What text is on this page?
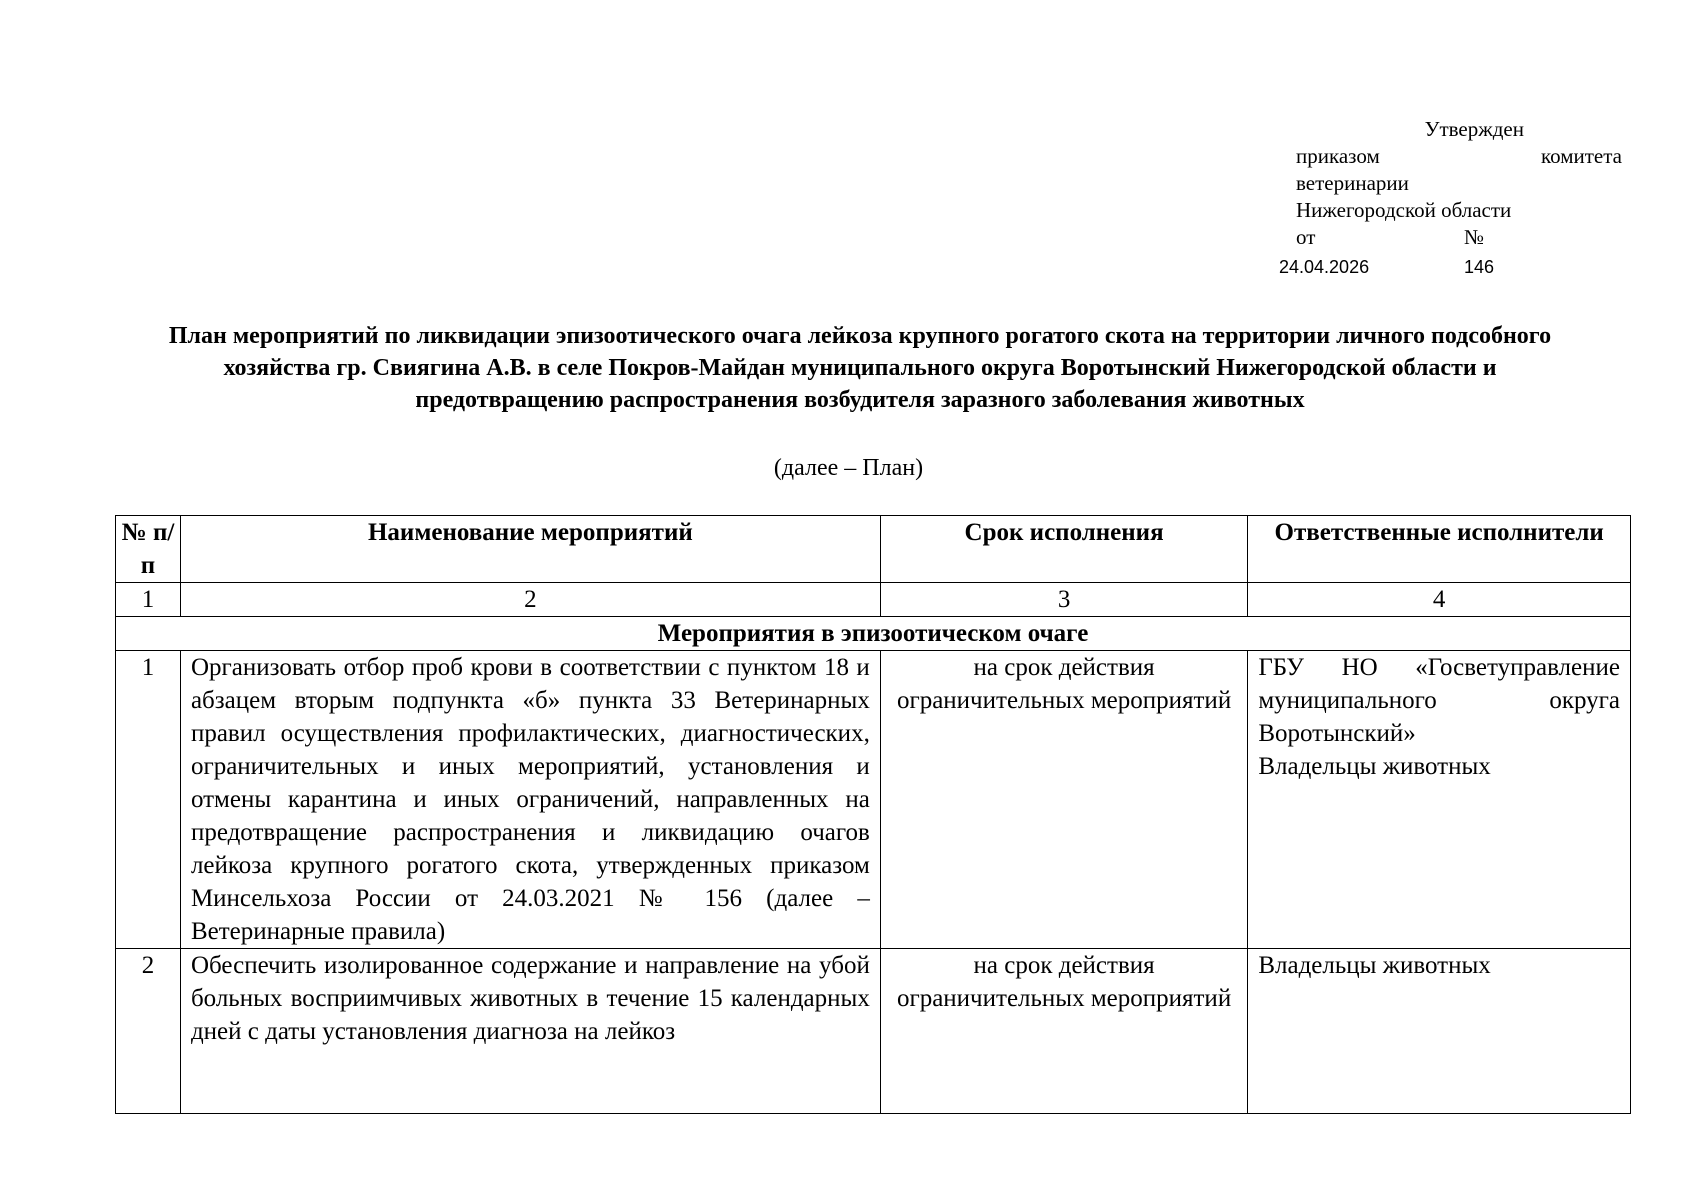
Утвержден
приказом	комитета
ветеринарии
Нижегородской области
от	№
24.04.2026	146
План мероприятий по ликвидации эпизоотического очага лейкоза крупного рогатого скота на территории личного подсобного хозяйства гр. Свиягина А.В. в селе Покров-Майдан муниципального округа Воротынский Нижегородской области и предотвращению распространения возбудителя заразного заболевания животных
(далее – План)
№ п/п	Наименование мероприятий	Срок исполнения	Ответственные исполнители
1	2	3	4
Мероприятия в эпизоотическом очаге			
1	Организовать отбор проб крови в соответствии с пунктом 18 и абзацем вторым подпункта «б» пункта 33 Ветеринарных правил осуществления профилактических, диагностических, ограничительных и иных мероприятий, установления и отмены карантина и иных ограничений, направленных на предотвращение распространения и ликвидацию очагов лейкоза крупного рогатого скота, утвержденных приказом Минсельхоза России от 24.03.2021 № 156 (далее – Ветеринарные правила)	на срок действия ограничительных мероприятий	ГБУ НО «Госветуправление муниципального округа Воротынский»
Владельцы животных

2	Обеспечить изолированное содержание и направление на убой больных восприимчивых животных в течение 15 календарных дней с даты установления диагноза на лейкоз	на срок действия ограничительных мероприятий	Владельцы животных
